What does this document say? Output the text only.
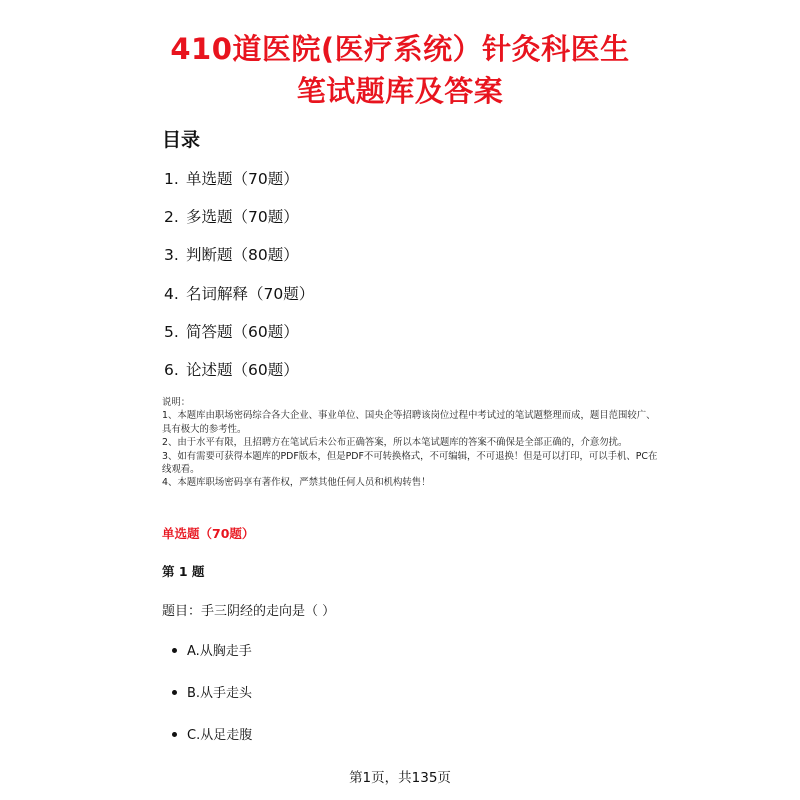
410道医院(医疗系统）针灸科医生
笔试题库及答案
目录
1. 单选题（70题）
2. 多选题（70题）
3. 判断题（80题）
4. 名词解释（70题）
5. 简答题（60题）
6. 论述题（60题）

说明：

1、本题库由职场密码综合各大企业、事业单位、国央企等招聘该岗位过程中考试过的笔试题整理而成，题目范围较广、具有极大的参考性。

2、由于水平有限，且招聘方在笔试后未公布正确答案，所以本笔试题库的答案不确保是全部正确的，介意勿扰。

3、如有需要可获得本题库的PDF版本，但是PDF不可转换格式，不可编辑，不可退换！但是可以打印，可以手机、PC在线观看。

4、本题库职场密码享有著作权，严禁其他任何人员和机构转售！

单选题（70题）
第 1 题
题目：手三阴经的走向是（ ）
A.从胸走手
B.从手走头
C.从足走腹
第1页，共135页
